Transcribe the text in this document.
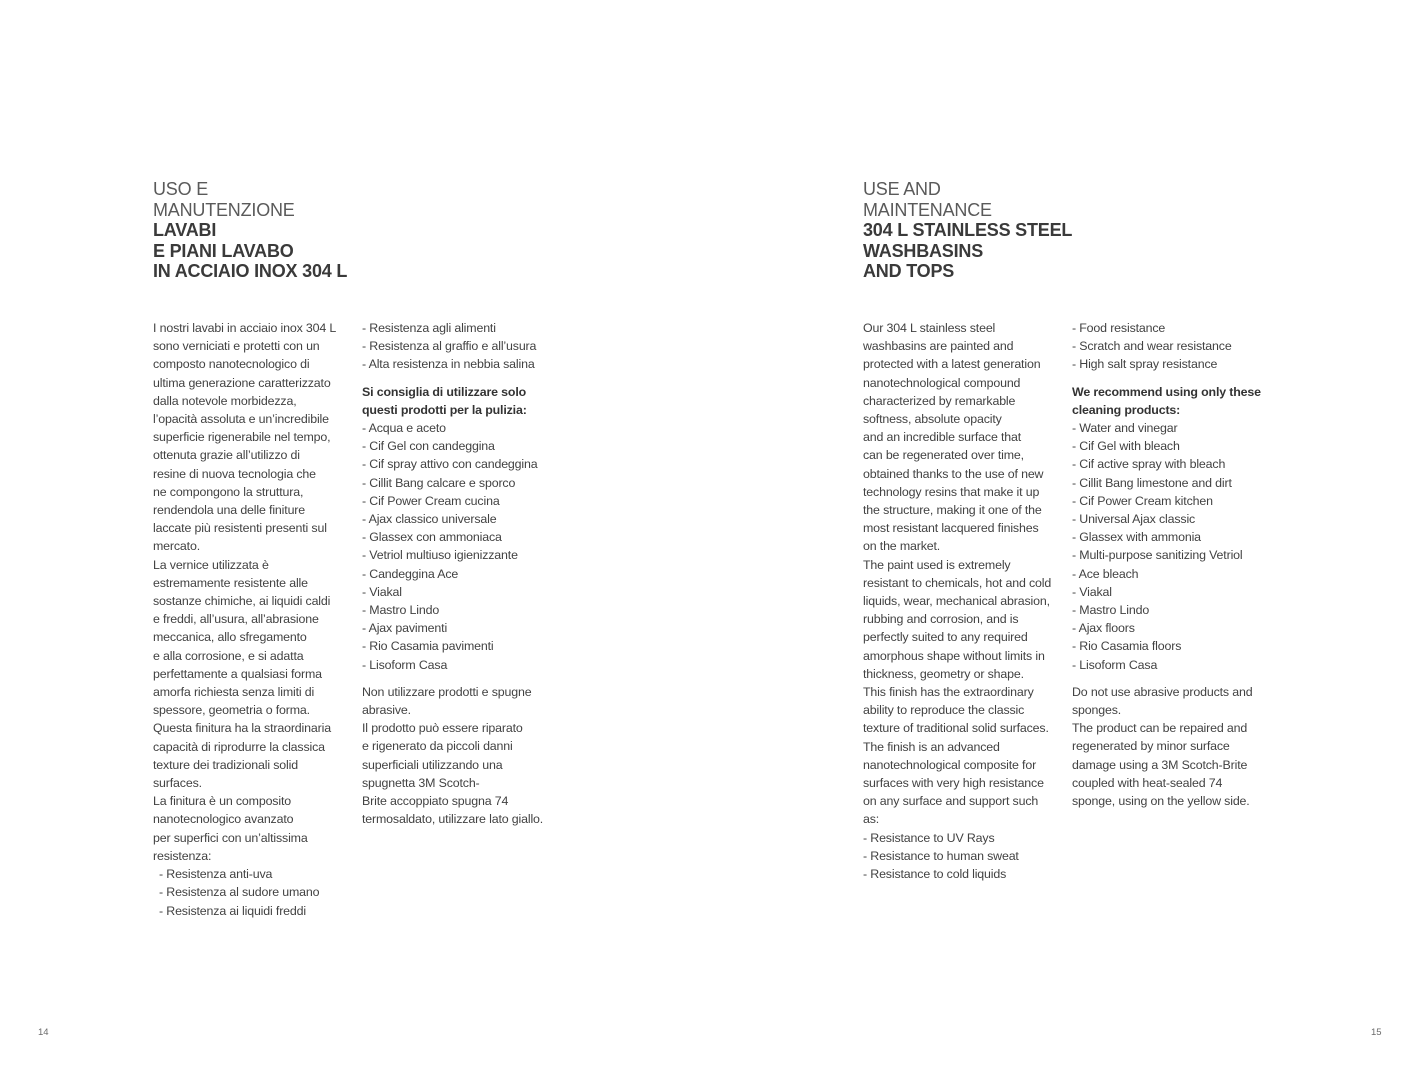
USO E
MANUTENZIONE
LAVABI
E PIANI LAVABO
IN ACCIAIO INOX 304 L

I nostri lavabi in acciaio inox 304 L

sono verniciati e protetti con un

composto nanotecnologico di

ultima generazione caratterizzato

dalla notevole morbidezza,

l’opacità assoluta e un’incredibile

superficie rigenerabile nel tempo,

ottenuta grazie all’utilizzo di

resine di nuova tecnologia che

ne compongono la struttura,

rendendola una delle finiture

laccate più resistenti presenti sul

mercato.

La vernice utilizzata è

estremamente resistente alle

sostanze chimiche, ai liquidi caldi

e freddi, all’usura, all’abrasione

meccanica, allo sfregamento

e alla corrosione, e si adatta

perfettamente a qualsiasi forma

amorfa richiesta senza limiti di

spessore, geometria o forma.

Questa finitura ha la straordinaria

capacità di riprodurre la classica

texture dei tradizionali solid

surfaces.

La finitura è un composito

nanotecnologico avanzato

per superfici con un’altissima

resistenza:

- Resistenza anti-uva
- Resistenza al sudore umano
- Resistenza ai liquidi freddi
- Resistenza agli alimenti
- Resistenza al graffio e all’usura
- Alta resistenza in nebbia salina

Si consiglia di utilizzare solo

questi prodotti per la pulizia:

- Acqua e aceto
- Cif Gel con candeggina
- Cif spray attivo con candeggina
- Cillit Bang calcare e sporco
- Cif Power Cream cucina
- Ajax classico universale
- Glassex con ammoniaca
- Vetriol multiuso igienizzante
- Candeggina Ace
- Viakal
- Mastro Lindo
- Ajax pavimenti
- Rio Casamia pavimenti
- Lisoform Casa

Non utilizzare prodotti e spugne

abrasive.

Il prodotto può essere riparato

e rigenerato da piccoli danni

superficiali utilizzando una

spugnetta 3M Scotch-

Brite accoppiato spugna 74

termosaldato, utilizzare lato giallo.

14
USE AND
MAINTENANCE
304 L STAINLESS STEEL
WASHBASINS
AND TOPS

Our 304 L stainless steel

washbasins are painted and

protected with a latest generation

nanotechnological compound

characterized by remarkable

softness, absolute opacity

and an incredible surface that

can be regenerated over time,

obtained thanks to the use of new

technology resins that make it up

the structure, making it one of the

most resistant lacquered finishes

on the market.

The paint used is extremely

resistant to chemicals, hot and cold

liquids, wear, mechanical abrasion,

rubbing and corrosion, and is

perfectly suited to any required

amorphous shape without limits in

thickness, geometry or shape.

This finish has the extraordinary

ability to reproduce the classic

texture of traditional solid surfaces.

The finish is an advanced

nanotechnological composite for

surfaces with very high resistance

on any surface and support such

as:

- Resistance to UV Rays
- Resistance to human sweat
- Resistance to cold liquids
- Food resistance
- Scratch and wear resistance
- High salt spray resistance

We recommend using only these

cleaning products:

- Water and vinegar
- Cif Gel with bleach
- Cif active spray with bleach
- Cillit Bang limestone and dirt
- Cif Power Cream kitchen
- Universal Ajax classic
- Glassex with ammonia
- Multi-purpose sanitizing Vetriol
- Ace bleach
- Viakal
- Mastro Lindo
- Ajax floors
- Rio Casamia floors
- Lisoform Casa

Do not use abrasive products and

sponges.

The product can be repaired and

regenerated by minor surface

damage using a 3M Scotch-Brite

coupled with heat-sealed 74

sponge, using on the yellow side.

15
